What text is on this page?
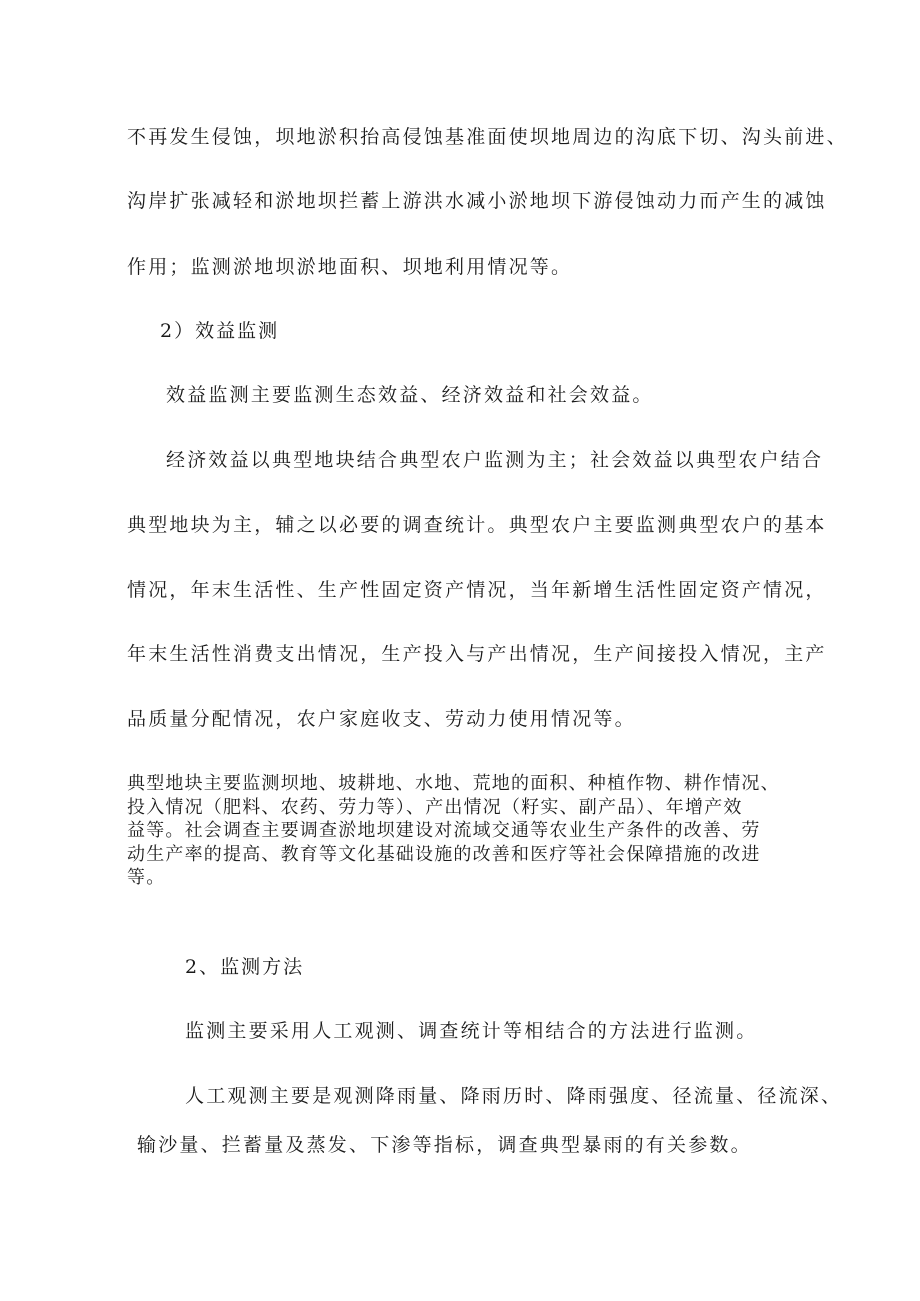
不再发生侵蚀，坝地淤积抬高侵蚀基准面使坝地周边的沟底下切、沟头前进、
沟岸扩张减轻和淤地坝拦蓄上游洪水减小淤地坝下游侵蚀动力而产生的减蚀
作用；监测淤地坝淤地面积、坝地利用情况等。
2）效益监测
效益监测主要监测生态效益、经济效益和社会效益。
经济效益以典型地块结合典型农户监测为主；社会效益以典型农户结合
典型地块为主，辅之以必要的调查统计。典型农户主要监测典型农户的基本
情况，年末生活性、生产性固定资产情况，当年新增生活性固定资产情况，
年末生活性消费支出情况，生产投入与产出情况，生产间接投入情况，主产
品质量分配情况，农户家庭收支、劳动力使用情况等。
典型地块主要监测坝地、坡耕地、水地、荒地的面积、种植作物、耕作情况、
投入情况（肥料、农药、劳力等）、产出情况（籽实、副产品）、年增产效
益等。社会调查主要调查淤地坝建设对流域交通等农业生产条件的改善、劳
动生产率的提高、教育等文化基础设施的改善和医疗等社会保障措施的改进
等。
2、监测方法
监测主要采用人工观测、调查统计等相结合的方法进行监测。
人工观测主要是观测降雨量、降雨历时、降雨强度、径流量、径流深、
输沙量、拦蓄量及蒸发、下渗等指标，调查典型暴雨的有关参数。
